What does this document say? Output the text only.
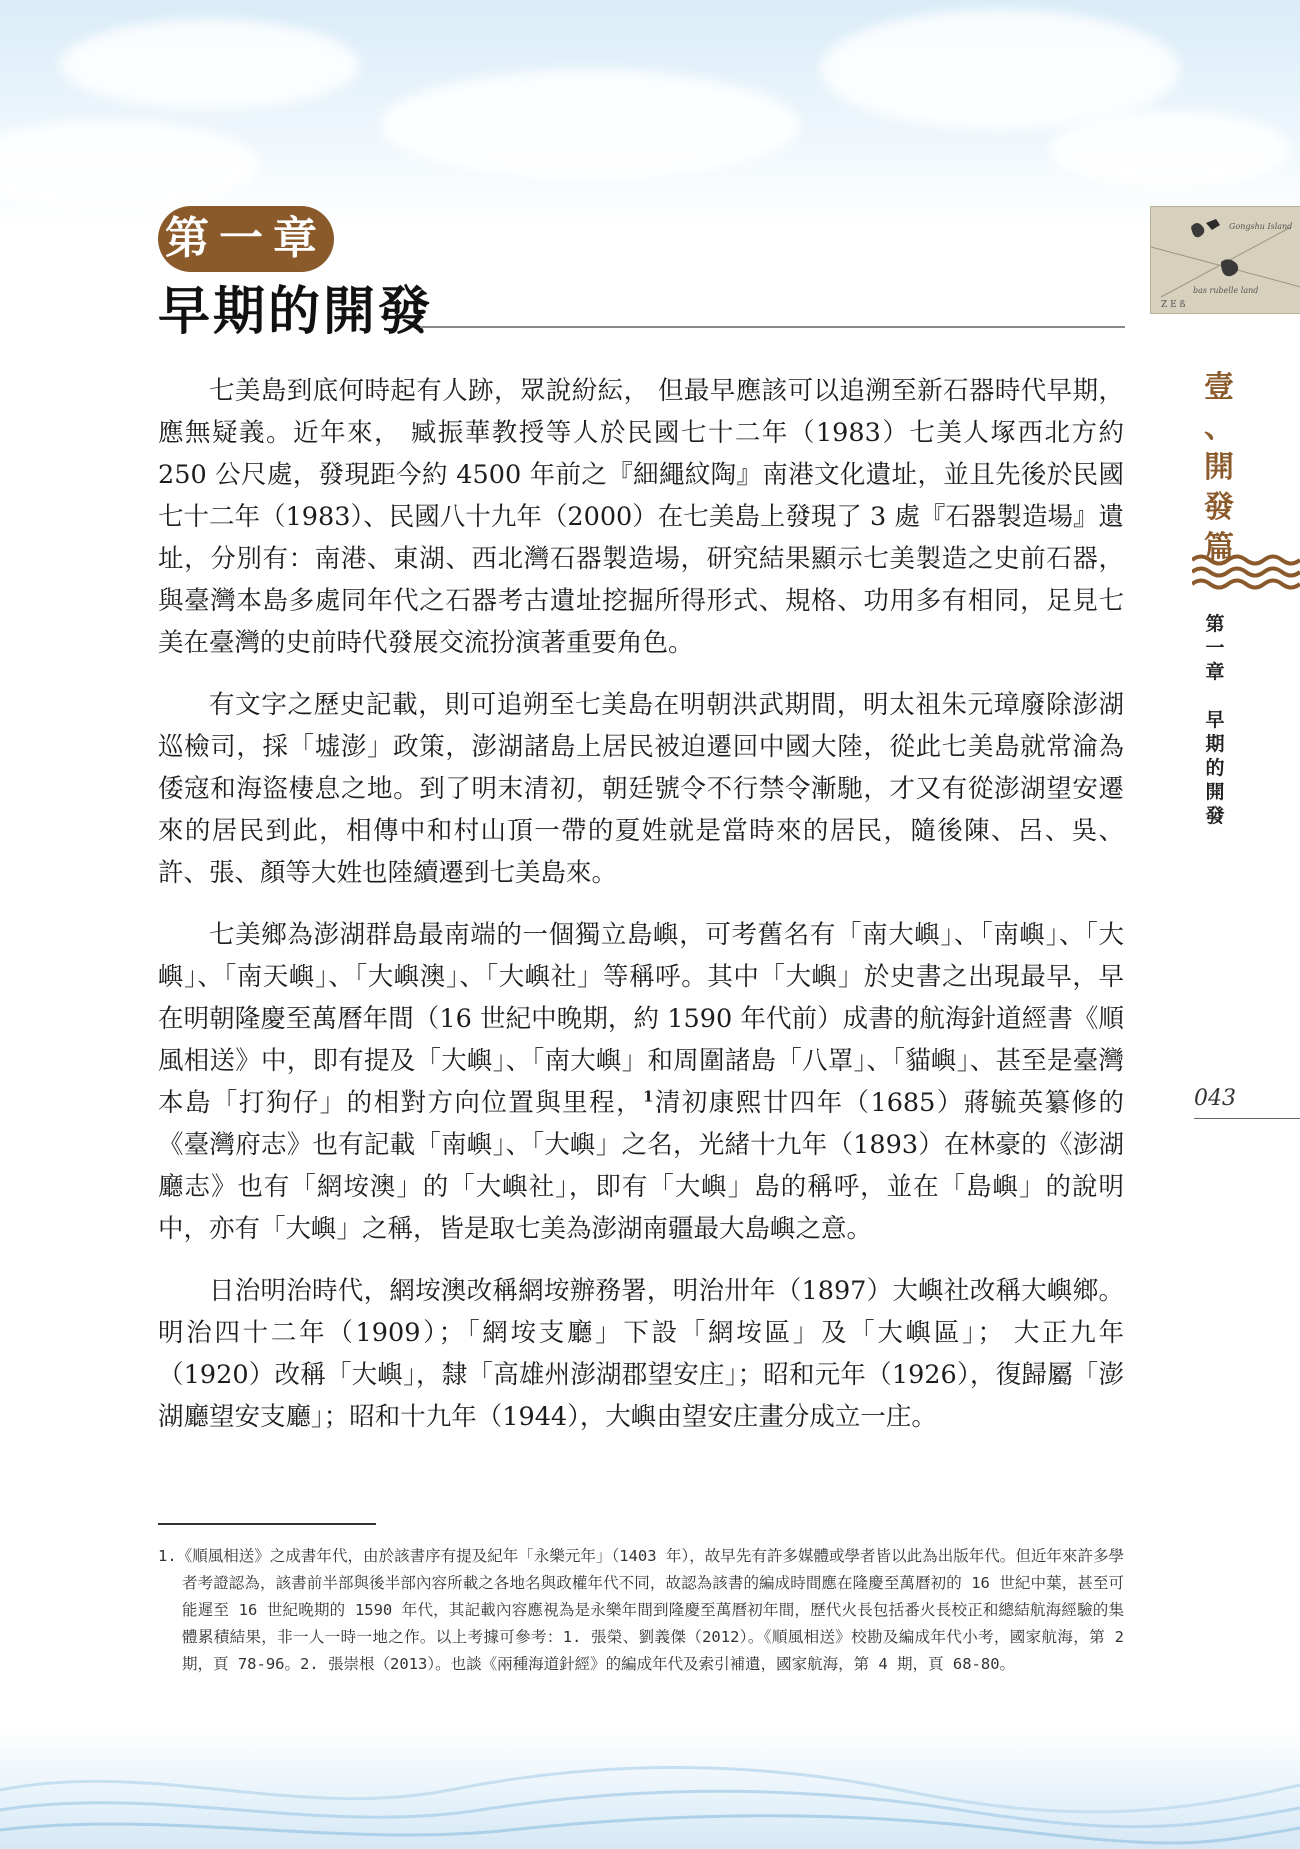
第一章
早期的開發
Gongshu Island
bas rubelle land
Z E ß
壹
、
開
發
篇
第
一
章
早
期
的
開
發
043

七美島到底何時起有人跡，眾說紛紜， 但最早應該可以追溯至新石器時代早期，應無疑義。近年來， 臧振華教授等人於民國七十二年（1983）七美人塚西北方約 250 公尺處，發現距今約 4500 年前之『細繩紋陶』南港文化遺址，並且先後於民國七十二年（1983）、民國八十九年（2000）在七美島上發現了 3 處『石器製造場』遺址，分別有：南港、東湖、西北灣石器製造場，研究結果顯示七美製造之史前石器，與臺灣本島多處同年代之石器考古遺址挖掘所得形式、規格、功用多有相同，足見七美在臺灣的史前時代發展交流扮演著重要角色。

有文字之歷史記載，則可追朔至七美島在明朝洪武期間，明太祖朱元璋廢除澎湖巡檢司，採「墟澎」政策，澎湖諸島上居民被迫遷回中國大陸，從此七美島就常淪為倭寇和海盜棲息之地。到了明末清初，朝廷號令不行禁令漸馳，才又有從澎湖望安遷來的居民到此，相傳中和村山頂一帶的夏姓就是當時來的居民，隨後陳、呂、吳、許、張、顏等大姓也陸續遷到七美島來。

七美鄉為澎湖群島最南端的一個獨立島嶼，可考舊名有「南大嶼」、「南嶼」、「大嶼」、「南天嶼」、「大嶼澳」、「大嶼社」等稱呼。其中「大嶼」於史書之出現最早，早在明朝隆慶至萬曆年間（16 世紀中晚期，約 1590 年代前）成書的航海針道經書《順風相送》中，即有提及「大嶼」、「南大嶼」和周圍諸島「八罩」、「貓嶼」、甚至是臺灣本島「打狗仔」的相對方向位置與里程，$^1$清初康熙廿四年（1685）蔣毓英纂修的《臺灣府志》也有記載「南嶼」、「大嶼」之名，光緒十九年（1893）在林豪的《澎湖廳志》也有「網垵澳」的「大嶼社」，即有「大嶼」島的稱呼，並在「島嶼」的說明中，亦有「大嶼」之稱，皆是取七美為澎湖南疆最大島嶼之意。

日治明治時代，網垵澳改稱網垵辦務署，明治卅年（1897）大嶼社改稱大嶼鄉。明治四十二年（1909）；「網垵支廳」下設「網垵區」及「大嶼區」； 大正九年（1920）改稱「大嶼」，隸「高雄州澎湖郡望安庄」；昭和元年（1926），復歸屬「澎湖廳望安支廳」；昭和十九年（1944），大嶼由望安庄畫分成立一庄。

1.《順風相送》之成書年代，由於該書序有提及紀年「永樂元年」（1403 年），故早先有許多媒體或學者皆以此為出版年代。但近年來許多學者考證認為，該書前半部與後半部內容所載之各地名與政權年代不同，故認為該書的編成時間應在隆慶至萬曆初的 16 世紀中葉，甚至可能遲至 16 世紀晚期的 1590 年代，其記載內容應視為是永樂年間到隆慶至萬曆初年間，歷代火長包括番火長校正和總結航海經驗的集體累積結果，非一人一時一地之作。以上考據可參考：1. 張榮、劉義傑（2012）。《順風相送》校勘及編成年代小考，國家航海，第 2 期，頁 78-96。2. 張崇根（2013）。也談《兩種海道針經》的編成年代及索引補遺，國家航海，第 4 期，頁 68-80。
